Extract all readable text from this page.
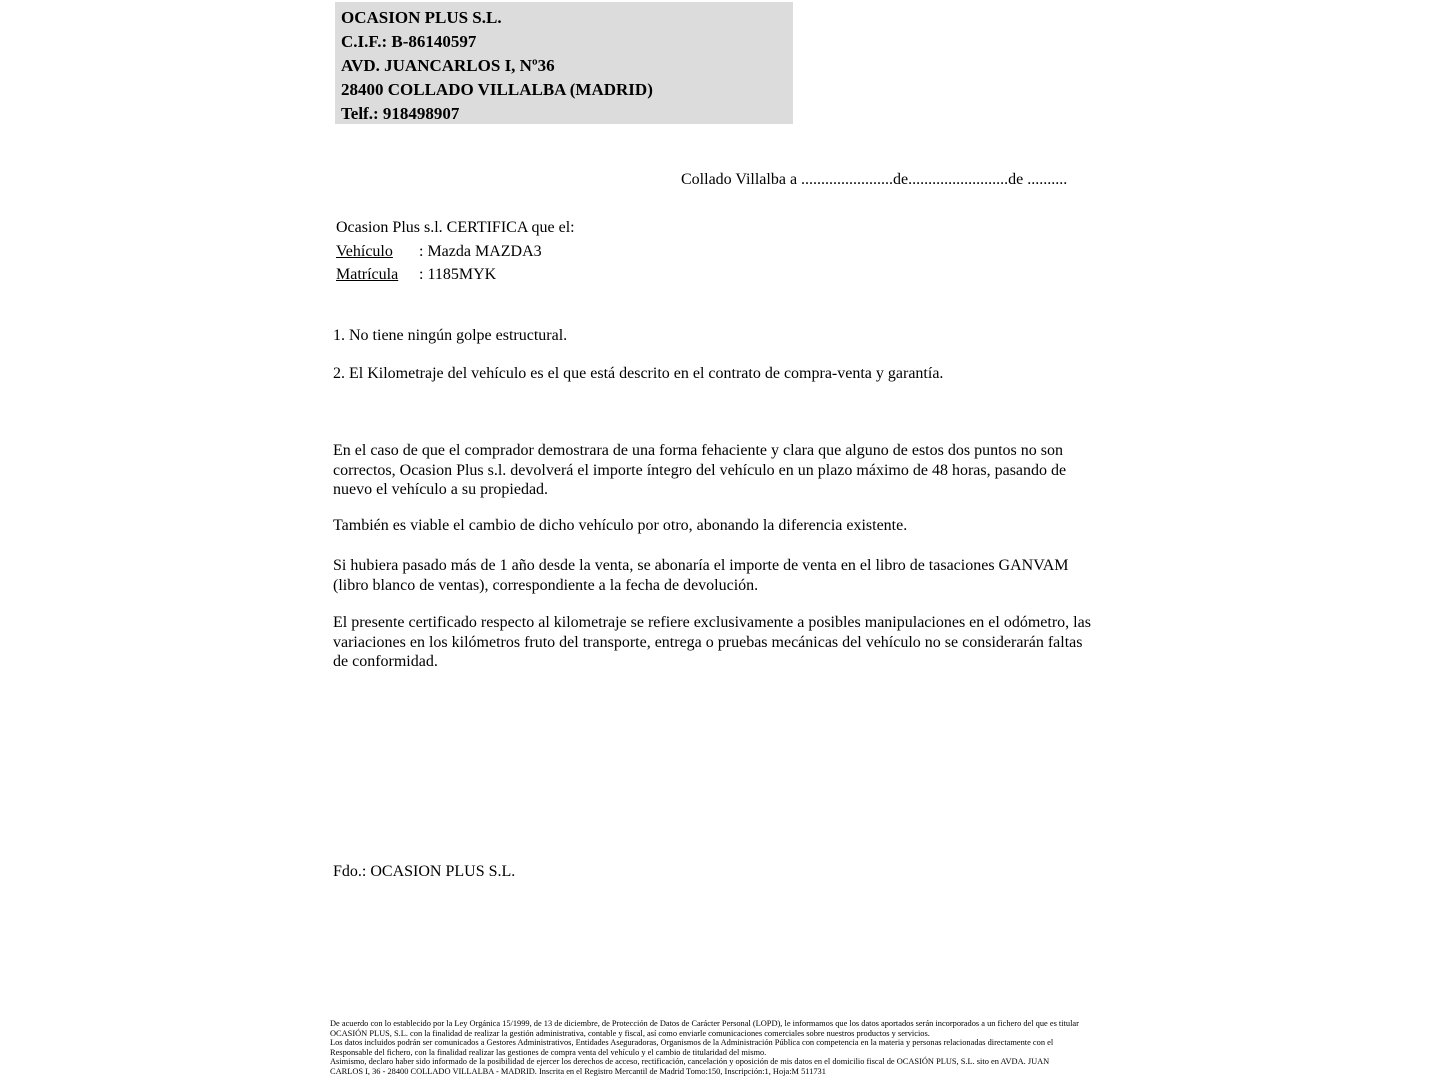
OCASION PLUS S.L.
C.I.F.: B-86140597
AVD. JUANCARLOS I, Nº36
28400 COLLADO VILLALBA (MADRID)
Telf.: 918498907
Collado Villalba a .......................de.........................de ..........
Ocasion Plus s.l. CERTIFICA que el:
Vehículo : Mazda MAZDA3
Matrícula : 1185MYK
1. No tiene ningún golpe estructural.
2. El Kilometraje del vehículo es el que está descrito en el contrato de compra-venta y garantía.
En el caso de que el comprador demostrara de una forma fehaciente y clara que alguno de estos dos puntos no son correctos, Ocasion Plus s.l. devolverá el importe íntegro del vehículo en un plazo máximo de 48 horas, pasando de nuevo el vehículo a su propiedad.
También es viable el cambio de dicho vehículo por otro, abonando la diferencia existente.
Si hubiera pasado más de 1 año desde la venta, se abonaría el importe de venta en el libro de tasaciones GANVAM (libro blanco de ventas), correspondiente a la fecha de devolución.
El presente certificado respecto al kilometraje se refiere exclusivamente a posibles manipulaciones en el odómetro, las variaciones en los kilómetros fruto del transporte, entrega o pruebas mecánicas del vehículo no se considerarán faltas de conformidad.
Fdo.: OCASION PLUS S.L.
De acuerdo con lo establecido por la Ley Orgánica 15/1999, de 13 de diciembre, de Protección de Datos de Carácter Personal (LOPD), le informamos que los datos aportados serán incorporados a un fichero del que es titular
OCASIÓN PLUS, S.L. con la finalidad de realizar la gestión administrativa, contable y fiscal, así como enviarle comunicaciones comerciales sobre nuestros productos y servicios.
Los datos incluidos podrán ser comunicados a Gestores Administrativos, Entidades Aseguradoras, Organismos de la Administración Pública con competencia en la materia y personas relacionadas directamente con el
Responsable del fichero, con la finalidad realizar las gestiones de compra venta del vehículo y el cambio de titularidad del mismo.
Asimismo, declaro haber sido informado de la posibilidad de ejercer los derechos de acceso, rectificación, cancelación y oposición de mis datos en el domicilio fiscal de OCASIÓN PLUS, S.L. sito en AVDA. JUAN
CARLOS I, 36 - 28400 COLLADO VILLALBA - MADRID. Inscrita en el Registro Mercantil de Madrid Tomo:150, Inscripción:1, Hoja:M 511731
